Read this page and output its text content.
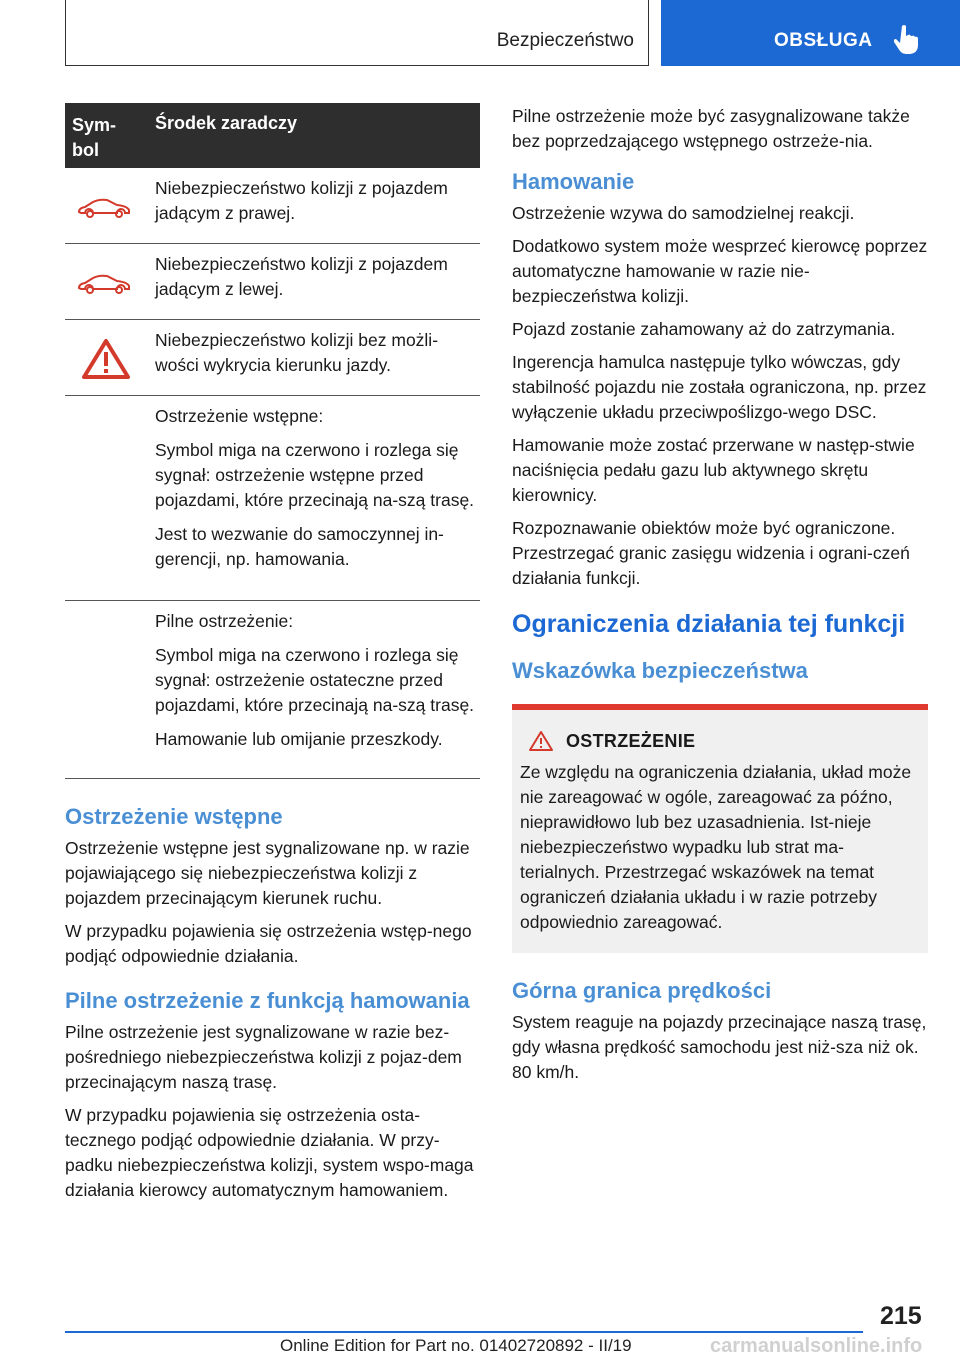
Bezpieczeństwo	OBSŁUGA
Sym-
bol
Środek zaradczy

Niebezpieczeństwo kolizji z pojazdem jadącym z prawej.

Niebezpieczeństwo kolizji z pojazdem jadącym z lewej.

Niebezpieczeństwo kolizji bez możli-wości wykrycia kierunku jazdy.

Ostrzeżenie wstępne:

Symbol miga na czerwono i rozlega się sygnał: ostrzeżenie wstępne przed pojazdami, które przecinają na-szą trasę.

Jest to wezwanie do samoczynnej in-gerencji, np. hamowania.

Pilne ostrzeżenie:

Symbol miga na czerwono i rozlega się sygnał: ostrzeżenie ostateczne przed pojazdami, które przecinają na-szą trasę.

Hamowanie lub omijanie przeszkody.

Ostrzeżenie wstępne

Ostrzeżenie wstępne jest sygnalizowane np. w razie pojawiającego się niebezpieczeństwa kolizji z pojazdem przecinającym kierunek ruchu.

W przypadku pojawienia się ostrzeżenia wstęp-nego podjąć odpowiednie działania.

Pilne ostrzeżenie z funkcją hamowania

Pilne ostrzeżenie jest sygnalizowane w razie bez-pośredniego niebezpieczeństwa kolizji z pojaz-dem przecinającym naszą trasę.

W przypadku pojawienia się ostrzeżenia osta-tecznego podjąć odpowiednie działania. W przy-padku niebezpieczeństwa kolizji, system wspo-maga działania kierowcy automatycznym hamowaniem.

Pilne ostrzeżenie może być zasygnalizowane także bez poprzedzającego wstępnego ostrzeże-nia.

Hamowanie

Ostrzeżenie wzywa do samodzielnej reakcji.

Dodatkowo system może wesprzeć kierowcę poprzez automatyczne hamowanie w razie nie-bezpieczeństwa kolizji.

Pojazd zostanie zahamowany aż do zatrzymania.

Ingerencja hamulca następuje tylko wówczas, gdy stabilność pojazdu nie została ograniczona, np. przez wyłączenie układu przeciwpoślizgo-wego DSC.

Hamowanie może zostać przerwane w następ-stwie naciśnięcia pedału gazu lub aktywnego skrętu kierownicy.

Rozpoznawanie obiektów może być ograniczone. Przestrzegać granic zasięgu widzenia i ograni-czeń działania funkcji.

Ograniczenia działania tej funkcji
Wskazówka bezpieczeństwa
OSTRZEŻENIE

Ze względu na ograniczenia działania, układ może nie zareagować w ogóle, zareagować za późno, nieprawidłowo lub bez uzasadnienia. Ist-nieje niebezpieczeństwo wypadku lub strat ma-terialnych. Przestrzegać wskazówek na temat ograniczeń działania układu i w razie potrzeby odpowiednio zareagować.

Górna granica prędkości

System reaguje na pojazdy przecinające naszą trasę, gdy własna prędkość samochodu jest niż-sza niż ok. 80 km/h.

215
Online Edition for Part no. 01402720892 - II/19	carmanualsonline.info
